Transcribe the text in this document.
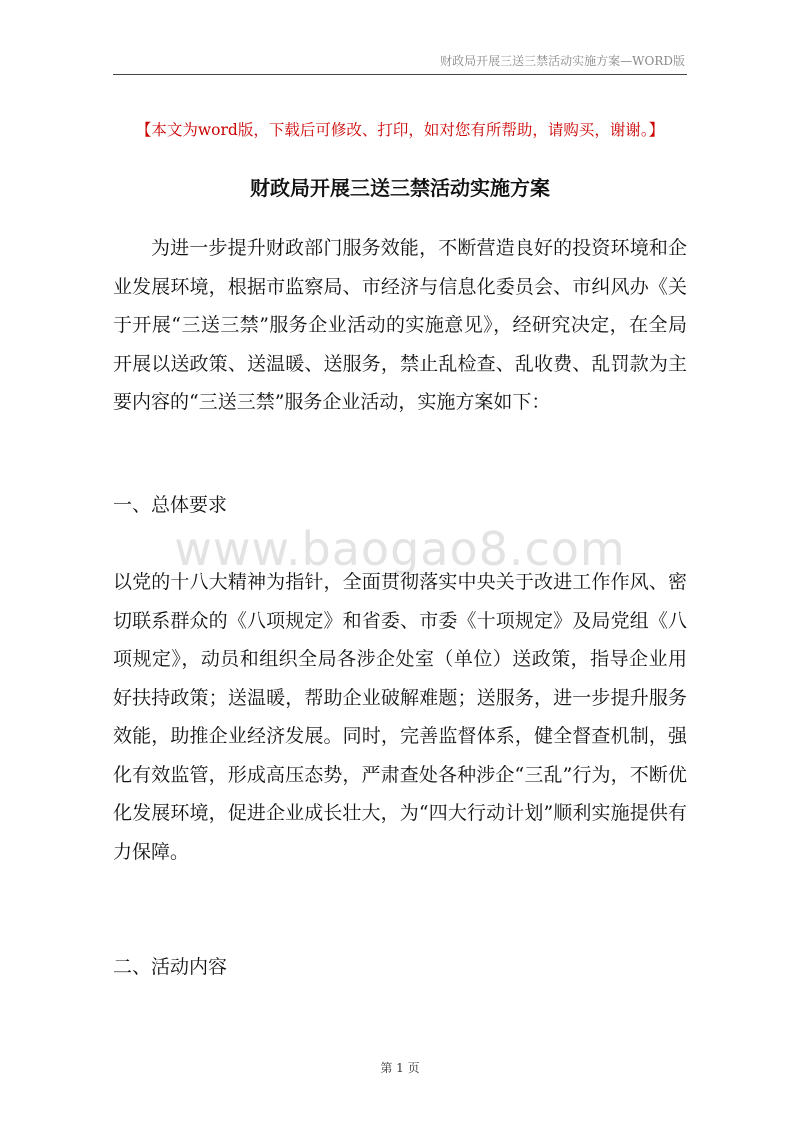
财政局开展三送三禁活动实施方案—WORD版
www.baogao8.com
【本文为word版，下载后可修改、打印，如对您有所帮助，请购买，谢谢。】
财政局开展三送三禁活动实施方案

为进一步提升财政部门服务效能，不断营造良好的投资环境和企业发展环境，根据市监察局、市经济与信息化委员会、市纠风办《关于开展“三送三禁”服务企业活动的实施意见》，经研究决定，在全局开展以送政策、送温暖、送服务，禁止乱检查、乱收费、乱罚款为主要内容的“三送三禁”服务企业活动，实施方案如下：

一、总体要求

以党的十八大精神为指针，全面贯彻落实中央关于改进工作作风、密切联系群众的《八项规定》和省委、市委《十项规定》及局党组《八项规定》，动员和组织全局各涉企处室（单位）送政策，指导企业用好扶持政策；送温暖，帮助企业破解难题；送服务，进一步提升服务效能，助推企业经济发展。同时，完善监督体系，健全督查机制，强化有效监管，形成高压态势，严肃查处各种涉企“三乱”行为，不断优化发展环境，促进企业成长壮大，为“四大行动计划”顺利实施提供有力保障。

二、活动内容
第 1 页
